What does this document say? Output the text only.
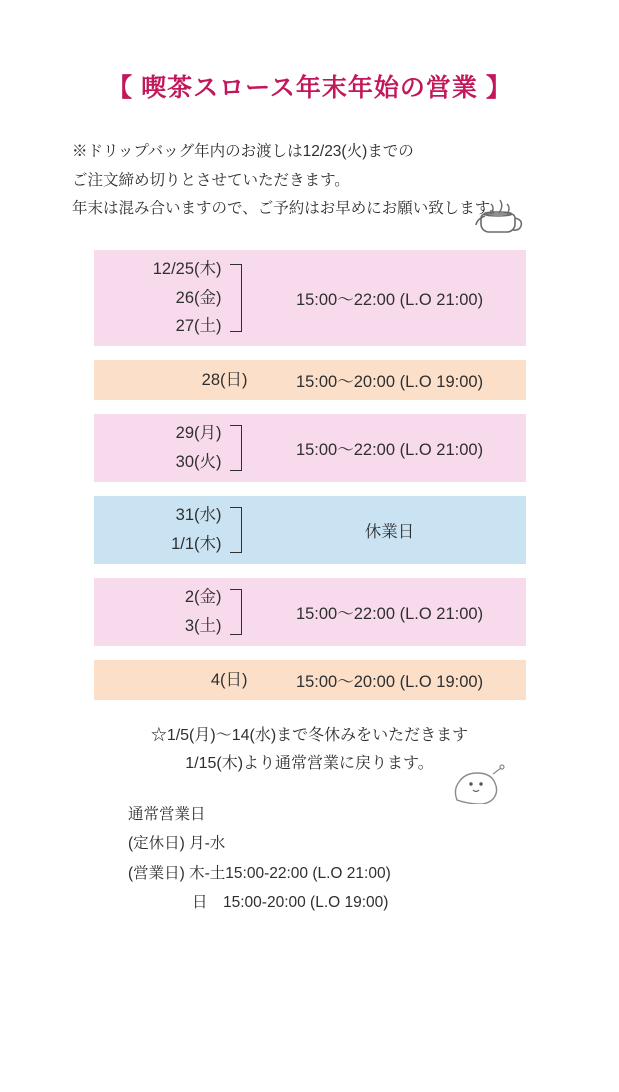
【 喫茶スロース年末年始の営業 】
※ドリップバッグ年内のお渡しは12/23(火)までの
ご注文締め切りとさせていただきます。
年末は混み合いますので、ご予約はお早めにお願い致します。
12/25(木)
26(金)
27(土)
15:00〜22:00 (L.O 21:00)
28(日)	15:00〜20:00 (L.O 19:00)
29(月)
30(火)
15:00〜22:00 (L.O 21:00)
31(水)
1/1(木)
休業日
2(金)
3(土)
15:00〜22:00 (L.O 21:00)
4(日)	15:00〜20:00 (L.O 19:00)
☆1/5(月)〜14(水)まで冬休みをいただきます
1/15(木)より通常営業に戻ります。
通常営業日
(定休日) 月-水
(営業日) 木-土15:00-22:00 (L.O 21:00)
日　15:00-20:00 (L.O 19:00)
